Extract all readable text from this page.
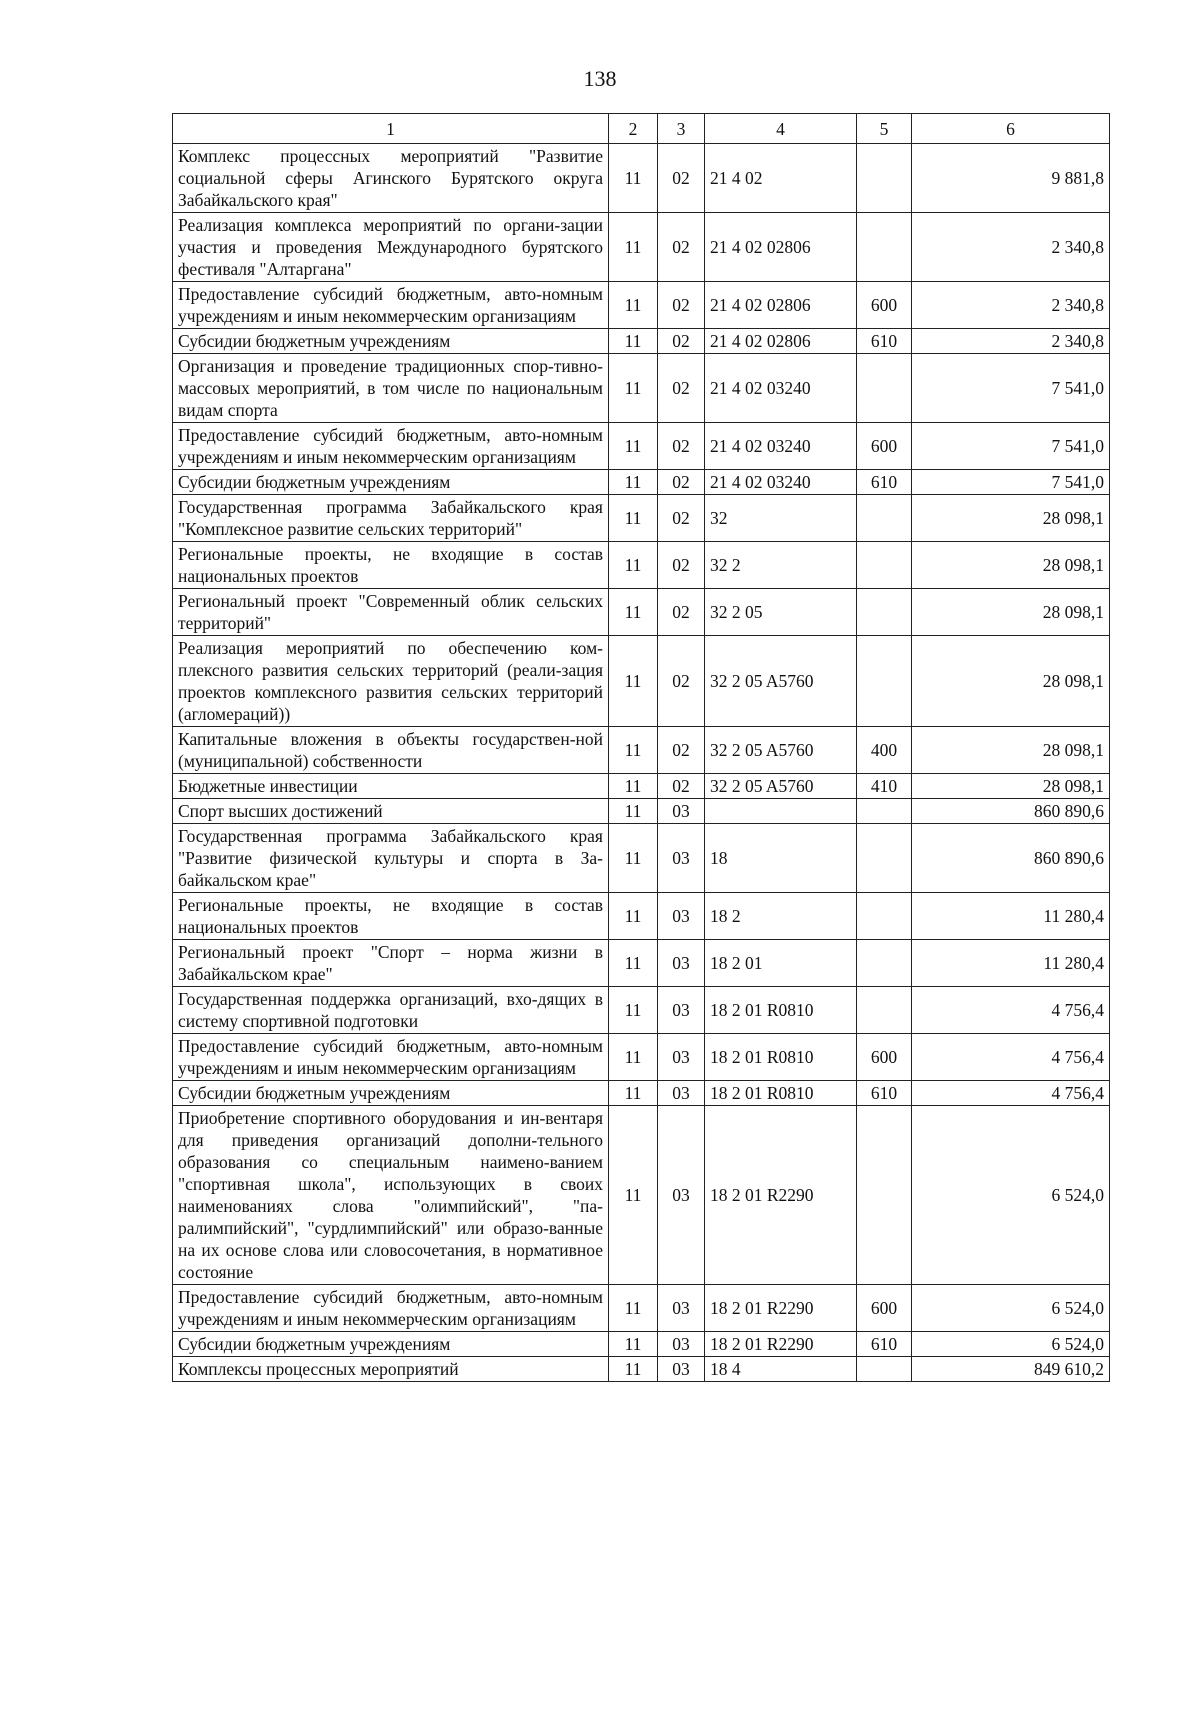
138
1	2	3	4	5	6
Комплекс процессных мероприятий "Развитие социальной сферы Агинского Бурятского округа Забайкальского края"	11	02	21 4 02		9 881,8
Реализация комплекса мероприятий по органи-зации участия и проведения Международного бурятского фестиваля "Алтаргана"	11	02	21 4 02 02806		2 340,8
Предоставление субсидий бюджетным, авто-номным учреждениям и иным некоммерческим организациям	11	02	21 4 02 02806	600	2 340,8
Субсидии бюджетным учреждениям	11	02	21 4 02 02806	610	2 340,8
Организация и проведение традиционных спор-тивно-массовых мероприятий, в том числе по национальным видам спорта	11	02	21 4 02 03240		7 541,0
Предоставление субсидий бюджетным, авто-номным учреждениям и иным некоммерческим организациям	11	02	21 4 02 03240	600	7 541,0
Субсидии бюджетным учреждениям	11	02	21 4 02 03240	610	7 541,0
Государственная программа Забайкальского края "Комплексное развитие сельских территорий"	11	02	32		28 098,1
Региональные проекты, не входящие в состав национальных проектов	11	02	32 2		28 098,1
Региональный проект "Современный облик сельских территорий"	11	02	32 2 05		28 098,1
Реализация мероприятий по обеспечению ком-плексного развития сельских территорий (реали-зация проектов комплексного развития сельских территорий (агломераций))	11	02	32 2 05 A5760		28 098,1
Капитальные вложения в объекты государствен-ной (муниципальной) собственности	11	02	32 2 05 A5760	400	28 098,1
Бюджетные инвестиции	11	02	32 2 05 A5760	410	28 098,1
Спорт высших достижений	11	03			860 890,6
Государственная программа Забайкальского края "Развитие физической культуры и спорта в За-байкальском крае"	11	03	18		860 890,6
Региональные проекты, не входящие в состав национальных проектов	11	03	18 2		11 280,4
Региональный проект "Спорт – норма жизни в Забайкальском крае"	11	03	18 2 01		11 280,4
Государственная поддержка организаций, вхо-дящих в систему спортивной подготовки	11	03	18 2 01 R0810		4 756,4
Предоставление субсидий бюджетным, авто-номным учреждениям и иным некоммерческим организациям	11	03	18 2 01 R0810	600	4 756,4
Субсидии бюджетным учреждениям	11	03	18 2 01 R0810	610	4 756,4
Приобретение спортивного оборудования и ин-вентаря для приведения организаций дополни-тельного образования со специальным наимено-ванием "спортивная школа", использующих в своих наименованиях слова "олимпийский", "па-ралимпийский", "сурдлимпийский" или образо-ванные на их основе слова или словосочетания, в нормативное состояние	11	03	18 2 01 R2290		6 524,0
Предоставление субсидий бюджетным, авто-номным учреждениям и иным некоммерческим организациям	11	03	18 2 01 R2290	600	6 524,0
Субсидии бюджетным учреждениям	11	03	18 2 01 R2290	610	6 524,0
Комплексы процессных мероприятий	11	03	18 4		849 610,2
